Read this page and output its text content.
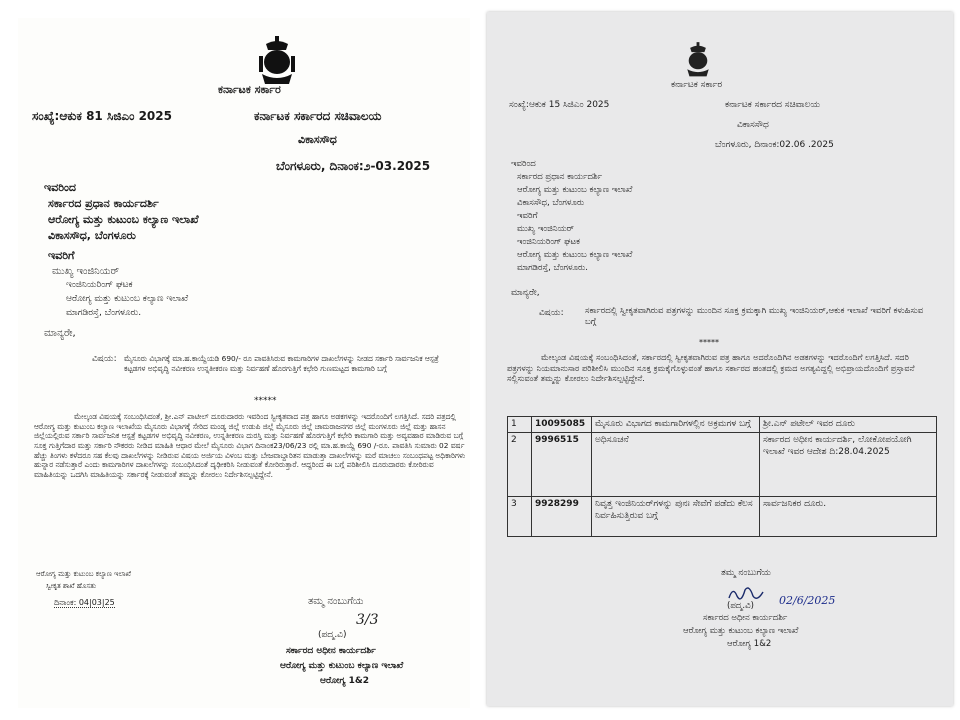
ಕರ್ನಾಟಕ ಸರ್ಕಾರ
ಸಂಖ್ಯೆ:ಆಕುಕ 81 ಸಿಜಿಎಂ 2025	ಕರ್ನಾಟಕ ಸರ್ಕಾರದ ಸಚಿವಾಲಯ
ವಿಕಾಸಸೌಧ
ಬೆಂಗಳೂರು, ದಿನಾಂಕ:೨-03.2025
ಇವರಿಂದ
ಸರ್ಕಾರದ ಪ್ರಧಾನ ಕಾರ್ಯದರ್ಶಿ
ಆರೋಗ್ಯ ಮತ್ತು ಕುಟುಂಬ ಕಲ್ಯಾಣ ಇಲಾಖೆ
ವಿಕಾಸಸೌಧ, ಬೆಂಗಳೂರು
ಇವರಿಗೆ
ಮುಖ್ಯ ಇಂಜಿನಿಯರ್
ಇಂಜಿನಿಯರಿಂಗ್ ಘಟಕ
ಆರೋಗ್ಯ ಮತ್ತು ಕುಟುಂಬ ಕಲ್ಯಾಣ ಇಲಾಖೆ
ಮಾಗಡಿರಸ್ತೆ, ಬೆಂಗಳೂರು.
ಮಾನ್ಯರೇ,
ವಿಷಯ: ಮೈಸೂರು ವಿಭಾಗಕ್ಕೆ ಮಾ.ಹ.ಕಾಯ್ದೆಯಡಿ 690/- ರೂ ಪಾವತಿಸಿರುವ ಕಾಮಗಾರಿಗಳ ದಾಖಲೆಗಳನ್ನು ನೀಡದ ಸರ್ಕಾರಿ ಸಾರ್ವಜನಿಕ ಆಸ್ಪತ್ರೆ ಕಟ್ಟಡಗಳ ಅಭಿವೃದ್ಧಿ ನವೀಕರಣ ಉನ್ನತೀಕರಣ ಮತ್ತು ನಿರ್ವಹಣೆ ಹೊರಗುತ್ತಿಗೆ ಕಛೇರಿ ಗುಣಮಟ್ಟದ ಕಾಮಗಾರಿ ಬಗ್ಗೆ
*****
ಮೇಲ್ಕಂಡ ವಿಷಯಕ್ಕೆ ಸಂಬಂಧಿಸಿದಂತೆ, ಶ್ರೀ.ಎನ್ ಪಾಟೀಲ್ ದೂರುದಾರರು ಇವರಿಂದ ಸ್ವೀಕೃತವಾದ ಪತ್ರ ಹಾಗೂ ಅಡಕಗಳನ್ನು ಇದರೊಂದಿಗೆ ಲಗತ್ತಿಸಿದೆ. ಸದರಿ ಪತ್ರದಲ್ಲಿ ಆರೋಗ್ಯ ಮತ್ತು ಕುಟುಂಬ ಕಲ್ಯಾಣ ಇಲಾಖೆಯ ಮೈಸೂರು ವಿಭಾಗಕ್ಕೆ ಸೇರಿದ ಮಂಡ್ಯ ಜಿಲ್ಲೆ ಉಡುಪಿ ಜಿಲ್ಲೆ ಮೈಸೂರು ಜಿಲ್ಲೆ ಚಾಮರಾಜನಗರ ಜಿಲ್ಲೆ ಮಂಗಳೂರು ಜಿಲ್ಲೆ ಮತ್ತು ಹಾಸನ ಜಿಲ್ಲೆಯಲ್ಲಿರುವ ಸರ್ಕಾರಿ ಸಾರ್ವಜನಿಕ ಆಸ್ಪತ್ರೆ ಕಟ್ಟಡಗಳ ಅಭಿವೃದ್ಧಿ ನವೀಕರಣ, ಉನ್ನತೀಕರಣ ದುರಸ್ತಿ ಮತ್ತು ನಿರ್ವಹಣೆ ಹೊರಗುತ್ತಿಗೆ ಕಛೇರಿ ಕಾಮಗಾರಿ ಮತ್ತು ಅವ್ಯವಹಾರ ಮಾಡಿರುವ ಬಗ್ಗೆ ಸೂಕ್ತ ಗುತ್ತಿಗೆದಾರ ಮತ್ತು ಸರ್ಕಾರಿ ನೌಕರರು ನೀಡಿದ ಮಾಹಿತಿ ಆಧಾರ ಮೇಲೆ ಮೈಸೂರು ವಿಭಾಗ ದಿನಾಂಕ23/06/23 ರಲ್ಲಿ ಮಾ.ಹ.ಕಾಯ್ದೆ 690 /-ರೂ. ಪಾವತಿಸಿ ಸುಮಾರು 02 ವರ್ಷ ಹೆಚ್ಚು ತಿಂಗಳು ಕಳೆದರೂ ಸಹ ಕೆಲವು ದಾಖಲೆಗಳನ್ನು ನೀಡಿರುವ ವಿಷಯ ಅರ್ಜಿಯ ವಿಳಂಬ ಮತ್ತು ಬೇಜವಾಬ್ದಾರಿತನ ಮಾಡುತ್ತಾ ದಾಖಲೆಗಳನ್ನು ಮರೆ ಮಾಚಲು ಸಂಬಂಧಪಟ್ಟ ಅಧಿಕಾರಿಗಳು ಹುನ್ನಾರ ನಡೆಸುತ್ತಾರೆ ಎಂದು ಕಾಮಗಾರಿಗಳ ದಾಖಲೆಗಳನ್ನು ಸಂಬಂಧಿಸಿದಂತೆ ದೃಢೀಕರಿಸಿ ನೀಡುವಂತೆ ಕೋರಿರುತ್ತಾರೆ. ಆದ್ದರಿಂದ ಈ ಬಗ್ಗೆ ಪರಿಶೀಲಿಸಿ ದೂರುದಾರರು ಕೋರಿರುವ ಮಾಹಿತಿಯನ್ನು ಒದಗಿಸಿ ಮಾಹಿತಿಯನ್ನು ಸರ್ಕಾರಕ್ಕೆ ನೀಡುವಂತೆ ತಮ್ಮನ್ನು ಕೋರಲು ನಿರ್ದೇಶಿಸಲ್ಪಟ್ಟಿದ್ದೇನೆ.
ಆರೋಗ್ಯ ಮತ್ತು ಕುಟುಂಬ ಕಲ್ಯಾಣ ಇಲಾಖೆ
ಸ್ವೀಕೃತ ಶಾಖೆ ಹೊಸತು
ದಿನಾಂಕ: 04|03|25	ತಮ್ಮ ನಂಬುಗೆಯ
3/3
(ಪದ್ಮ.ವಿ)
ಸರ್ಕಾರದ ಅಧೀನ ಕಾರ್ಯದರ್ಶಿ
ಆರೋಗ್ಯ ಮತ್ತು ಕುಟುಂಬ ಕಲ್ಯಾಣ ಇಲಾಖೆ
ಆರೋಗ್ಯ 1&2
ಕರ್ನಾಟಕ ಸರ್ಕಾರ
ಸಂಖ್ಯೆ:ಆಕುಕ 15 ಸಿಜಿಎಂ 2025	ಕರ್ನಾಟಕ ಸರ್ಕಾರದ ಸಚಿವಾಲಯ
ವಿಕಾಸಸೌಧ
ಬೆಂಗಳೂರು, ದಿನಾಂಕ:02.06 .2025
ಇವರಿಂದ
ಸರ್ಕಾರದ ಪ್ರಧಾನ ಕಾರ್ಯದರ್ಶಿ
ಆರೋಗ್ಯ ಮತ್ತು ಕುಟುಂಬ ಕಲ್ಯಾಣ ಇಲಾಖೆ
ವಿಕಾಸಸೌಧ, ಬೆಂಗಳೂರು
ಇವರಿಗೆ
ಮುಖ್ಯ ಇಂಜಿನಿಯರ್
ಇಂಜಿನಿಯರಿಂಗ್ ಘಟಕ
ಆರೋಗ್ಯ ಮತ್ತು ಕುಟುಂಬ ಕಲ್ಯಾಣ ಇಲಾಖೆ
ಮಾಗಡಿರಸ್ತೆ, ಬೆಂಗಳೂರು.
ಮಾನ್ಯರೇ,
ವಿಷಯ:	ಸರ್ಕಾರದಲ್ಲಿ ಸ್ವೀಕೃತವಾಗಿರುವ ಪತ್ರಗಳನ್ನು ಮುಂದಿನ ಸೂಕ್ತ ಕ್ರಮಕ್ಕಾಗಿ ಮುಖ್ಯ ಇಂಜಿನಿಯರ್,ಆಕುಕ ಇಲಾಖೆ ಇವರಿಗೆ ಕಳುಹಿಸುವ ಬಗ್ಗೆ
*****
ಮೇಲ್ಕಂಡ ವಿಷಯಕ್ಕೆ ಸಂಬಂಧಿಸಿದಂತೆ, ಸರ್ಕಾರದಲ್ಲಿ ಸ್ವೀಕೃತವಾಗಿರುವ ಪತ್ರ ಹಾಗೂ ಅದರೊಂದಿಗಿನ ಅಡಕಗಳನ್ನು ಇದರೊಂದಿಗೆ ಲಗತ್ತಿಸಿದೆ. ಸದರಿ ಪತ್ರಗಳನ್ನು ನಿಯಮಾನುಸಾರ ಪರಿಶೀಲಿಸಿ ಮುಂದಿನ ಸೂಕ್ತ ಕ್ರಮಕೈಗೊಳ್ಳುವಂತೆ ಹಾಗೂ ಸರ್ಕಾರದ ಹಂತದಲ್ಲಿ ಕ್ರಮದ ಅಗತ್ಯವಿದ್ದಲ್ಲಿ ಅಭಿಪ್ರಾಯದೊಂದಿಗೆ ಪ್ರಸ್ತಾವನೆ ಸಲ್ಲಿಸುವಂತೆ ತಮ್ಮನ್ನು ಕೋರಲು ನಿರ್ದೇಶಿಸಲ್ಪಟ್ಟಿದ್ದೇನೆ.
1	10095085	ಮೈಸೂರು ವಿಭಾಗದ ಕಾಮಗಾರಿಗಳಲ್ಲಿನ ಅಕ್ರಮಗಳ ಬಗ್ಗೆ	ಶ್ರೀ.ಎನ್ ಪಟೇಲ್ ಇವರ ದೂರು
2	9996515	ಅಧಿಸೂಚನೆ	ಸರ್ಕಾರದ ಅಧೀನ ಕಾರ್ಯದರ್ಶಿ, ಲೋಕೋಪಯೋಗಿ ಇಲಾಖೆ ಇವರ ಆದೇಶ ದಿ:28.04.2025
3	9928299	ನಿವೃತ್ತ ಇಂಜಿನಿಯರ್‌ಗಳನ್ನು ಪುನಃ ಸೇವೆಗೆ ಪಡೆದು ಕೆಲಸ ನಿರ್ವಹಿಸುತ್ತಿರುವ ಬಗ್ಗೆ	ಸಾರ್ವಜನಿಕರ ದೂರು.
ತಮ್ಮ ನಂಬುಗೆಯ
02/6/2025
(ಪದ್ಮ.ವಿ)
ಸರ್ಕಾರದ ಅಧೀನ ಕಾರ್ಯದರ್ಶಿ
ಆರೋಗ್ಯ ಮತ್ತು ಕುಟುಂಬ ಕಲ್ಯಾಣ ಇಲಾಖೆ
ಆರೋಗ್ಯ 1&2
